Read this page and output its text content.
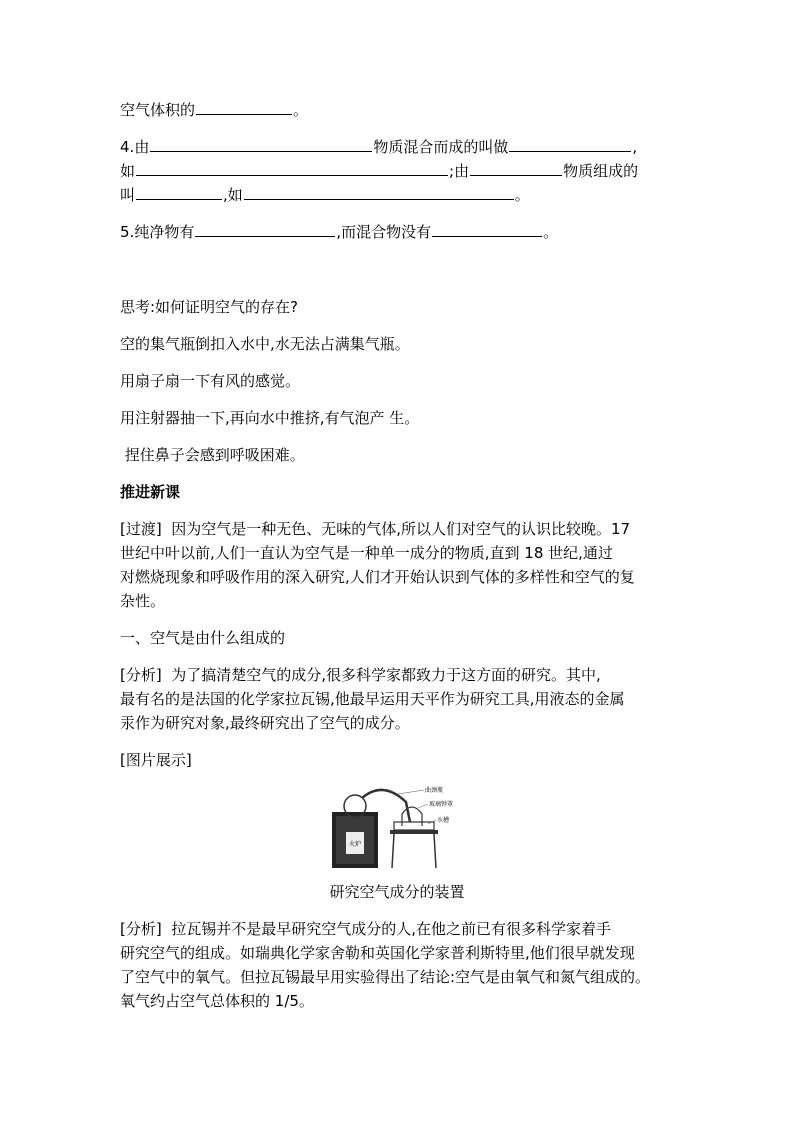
空气体积的	。
4.由	物质混合而成的叫做	,
如	;由	物质组成的
叫	,如	。
5.纯净物有	,而混合物没有	。
思考:如何证明空气的存在?
空的集气瓶倒扣入水中,水无法占满集气瓶。
用扇子扇一下有风的感觉。
用注射器抽一下,再向水中推挤,有气泡产 生。
捏住鼻子会感到呼吸困难。
推进新课
[过渡]  因为空气是一种无色、无味的气体,所以人们对空气的认识比较晚。17
世纪中叶以前,人们一直认为空气是一种单一成分的物质,直到 18 世纪,通过
对燃烧现象和呼吸作用的深入研究,人们才开始认识到气体的多样性和空气的复
杂性。
一、空气是由什么组成的
[分析]  为了搞清楚空气的成分,很多科学家都致力于这方面的研究。其中,
最有名的是法国的化学家拉瓦锡,他最早运用天平作为研究工具,用液态的金属
汞作为研究对象,最终研究出了空气的成分。
[图片展示]
火炉
曲颈瓶
玻璃钟罩
水槽
研究空气成分的装置
[分析]  拉瓦锡并不是最早研究空气成分的人,在他之前已有很多科学家着手
研究空气的组成。如瑞典化学家舍勒和英国化学家普利斯特里,他们很早就发现
了空气中的氧气。但拉瓦锡最早用实验得出了结论:空气是由氧气和氮气组成的。
氧气约占空气总体积的 1/5。
